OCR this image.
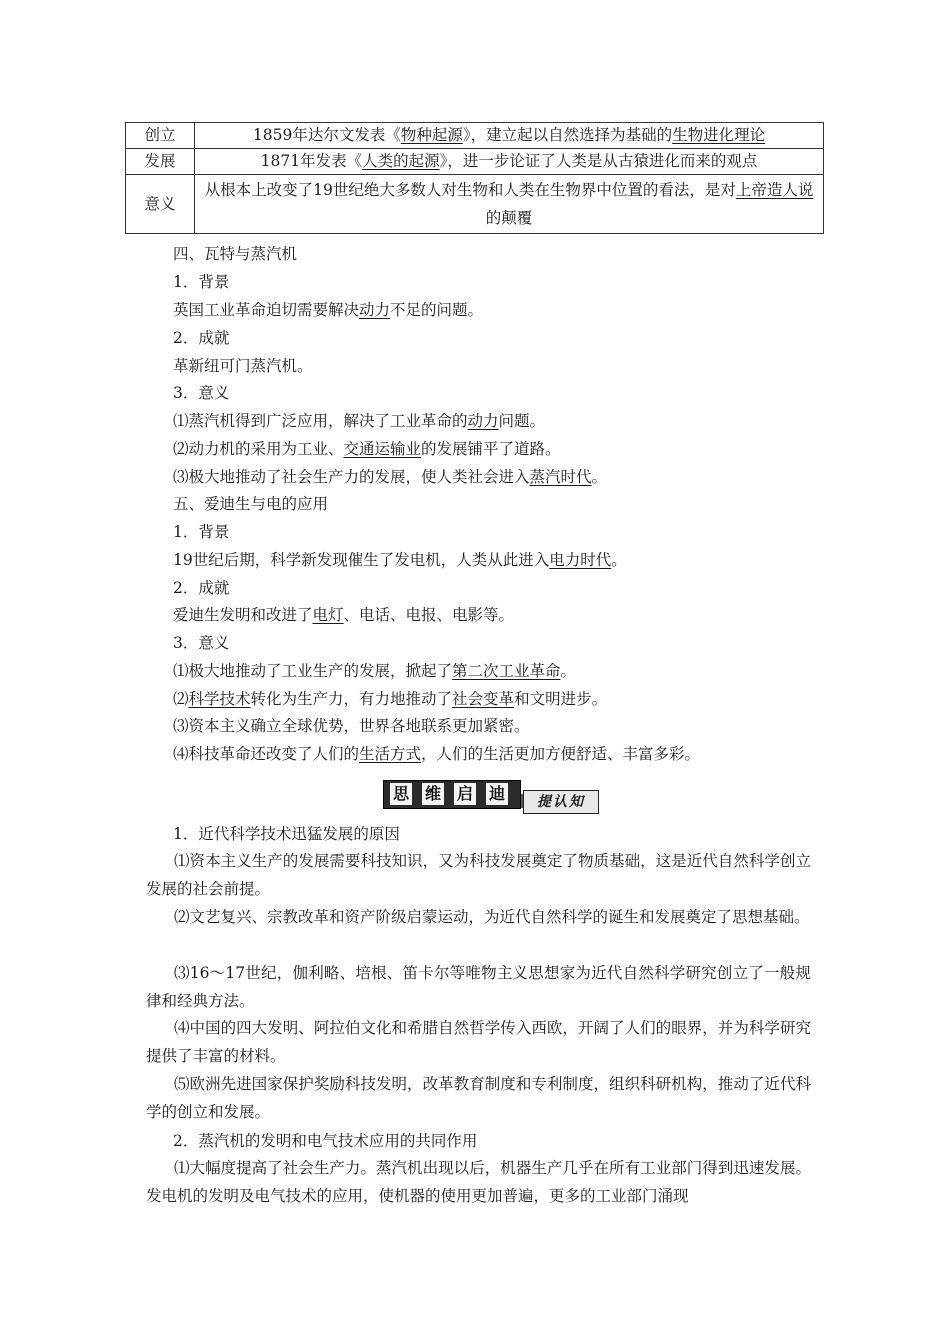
创立	1859年达尔文发表《物种起源》，建立起以自然选择为基础的生物进化理论
发展	1871年发表《人类的起源》，进一步论证了人类是从古猿进化而来的观点
意义	从根本上改变了19世纪绝大多数人对生物和人类在生物界中位置的看法，是对上帝造人说的颠覆
四、瓦特与蒸汽机
1．背景
英国工业革命迫切需要解决动力不足的问题。
2．成就
革新纽可门蒸汽机。
3．意义
⑴蒸汽机得到广泛应用，解决了工业革命的动力问题。
⑵动力机的采用为工业、交通运输业的发展铺平了道路。
⑶极大地推动了社会生产力的发展，使人类社会进入蒸汽时代。
五、爱迪生与电的应用
1．背景
19世纪后期，科学新发现催生了发电机，人类从此进入电力时代。
2．成就
爱迪生发明和改进了电灯、电话、电报、电影等。
3．意义
⑴极大地推动了工业生产的发展，掀起了第二次工业革命。
⑵科学技术转化为生产力，有力地推动了社会变革和文明进步。
⑶资本主义确立全球优势，世界各地联系更加紧密。
⑷科技革命还改变了人们的生活方式，人们的生活更加方便舒适、丰富多彩。
思 维 启 迪	提认知
1．近代科学技术迅猛发展的原因
⑴资本主义生产的发展需要科技知识，又为科技发展奠定了物质基础，这是近代自然科学创立发展的社会前提。
⑵文艺复兴、宗教改革和资产阶级启蒙运动，为近代自然科学的诞生和发展奠定了思想基础。
⑶16～17世纪，伽利略、培根、笛卡尔等唯物主义思想家为近代自然科学研究创立了一般规律和经典方法。
⑷中国的四大发明、阿拉伯文化和希腊自然哲学传入西欧，开阔了人们的眼界，并为科学研究提供了丰富的材料。
⑸欧洲先进国家保护奖励科技发明，改革教育制度和专利制度，组织科研机构，推动了近代科学的创立和发展。
2．蒸汽机的发明和电气技术应用的共同作用
⑴大幅度提高了社会生产力。蒸汽机出现以后，机器生产几乎在所有工业部门得到迅速发展。发电机的发明及电气技术的应用，使机器的使用更加普遍，更多的工业部门涌现
